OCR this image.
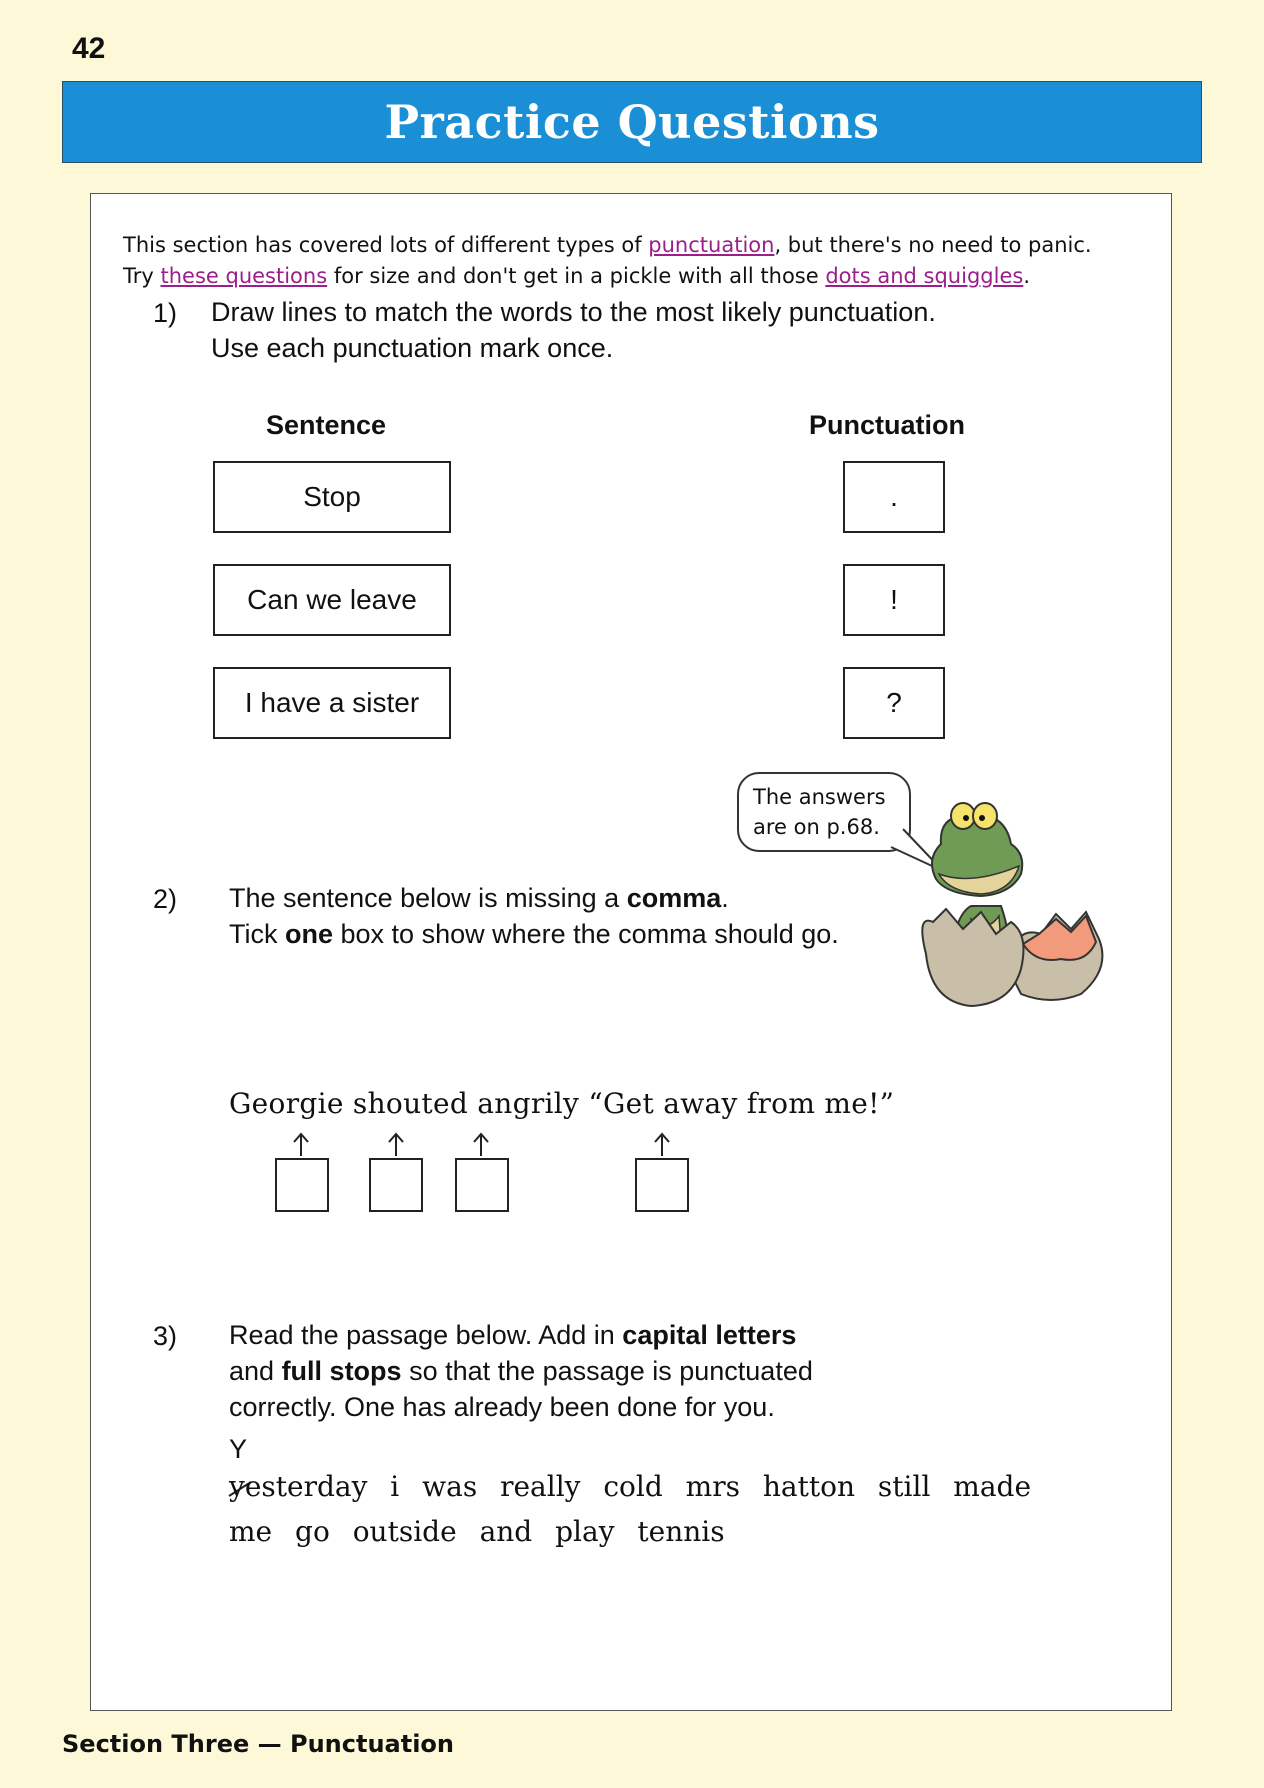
42
Practice Questions
This section has covered lots of different types of punctuation, but there's no need to panic.
Try these questions for size and don't get in a pickle with all those dots and squiggles.
1) Draw lines to match the words to the most likely punctuation.
Use each punctuation mark once.
Sentence	Punctuation
Stop
Can we leave
I have a sister
.
!
?
The answers
are on p.68.
2) The sentence below is missing a comma.
Tick one box to show where the comma should go.
Georgie shouted angrily “Get away from me!”
3) Read the passage below. Add in capital letters
and full stops so that the passage is punctuated
correctly. One has already been done for you.
Y
yesterday i was really cold mrs hatton still made
me go outside and play tennis
Section Three — Punctuation
